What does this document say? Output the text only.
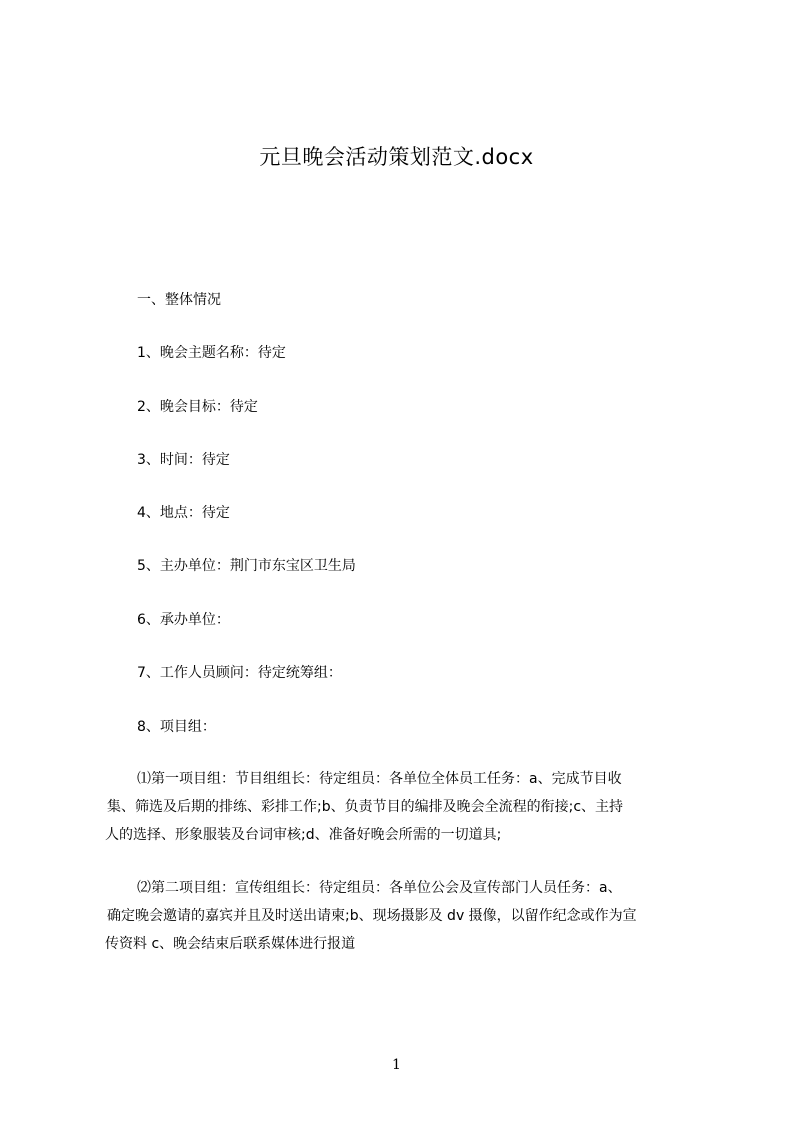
元旦晚会活动策划范文.docx
一、整体情况
1、晚会主题名称：待定
2、晚会目标：待定
3、时间：待定
4、地点：待定
5、主办单位：荆门市东宝区卫生局
6、承办单位：
7、工作人员顾问：待定统筹组：
8、项目组：
⑴第一项目组：节目组组长：待定组员：各单位全体员工任务：a、完成节目收
集、筛选及后期的排练、彩排工作;b、负责节目的编排及晚会全流程的衔接;c、主持
人的选择、形象服装及台词审核;d、准备好晚会所需的一切道具;
⑵第二项目组：宣传组组长：待定组员：各单位公会及宣传部门人员任务：a、
确定晚会邀请的嘉宾并且及时送出请柬;b、现场摄影及 dv 摄像，以留作纪念或作为宣
传资料 c、晚会结束后联系媒体进行报道
1
